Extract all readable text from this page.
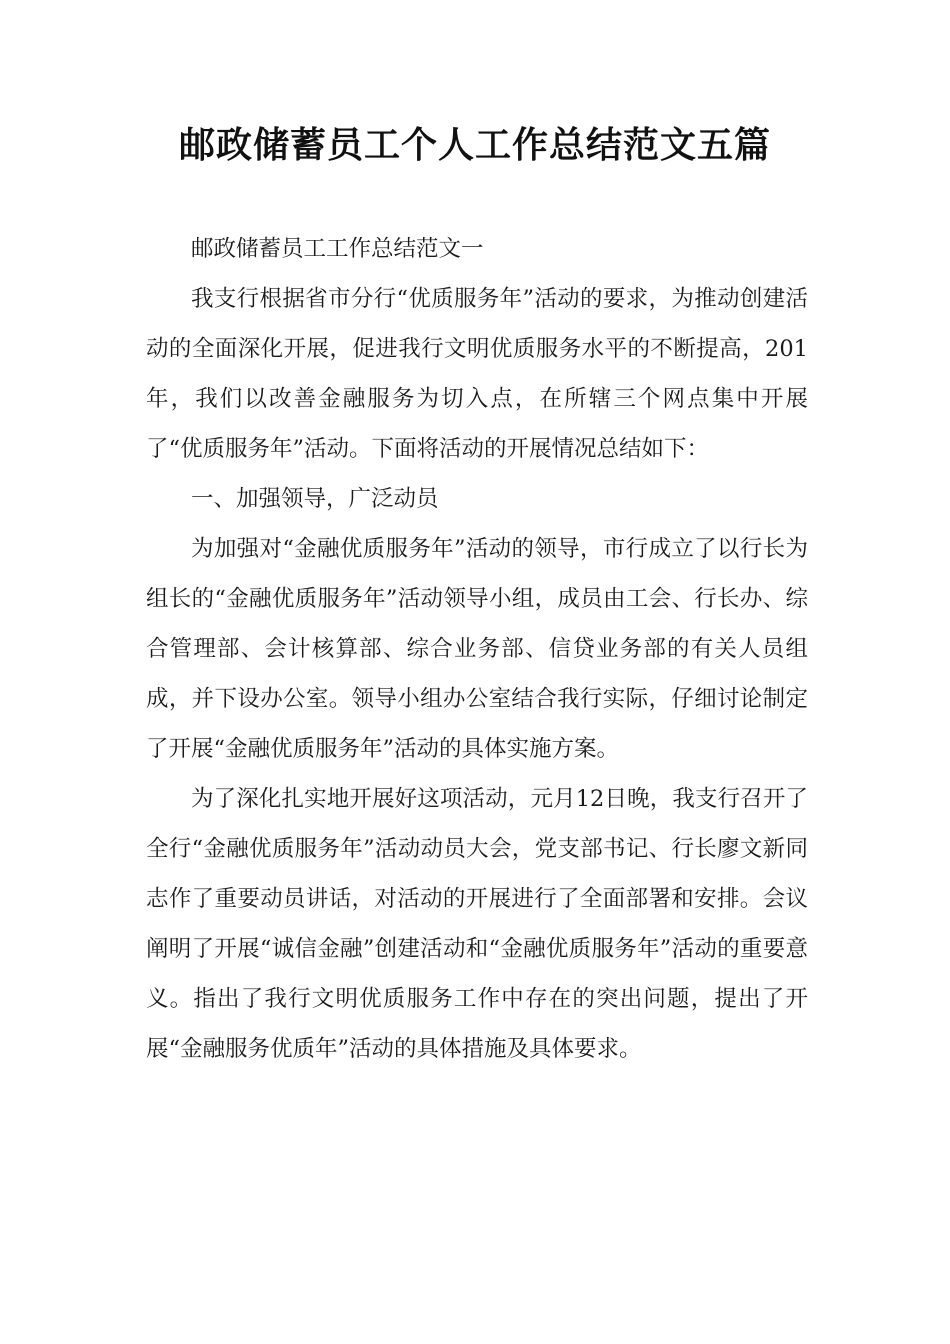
邮政储蓄员工个人工作总结范文五篇

邮政储蓄员工工作总结范文一

我支行根据省市分行“优质服务年”活动的要求，为推动创建活动的全面深化开展，促进我行文明优质服务水平的不断提高，201年，我们以改善金融服务为切入点，在所辖三个网点集中开展了“优质服务年”活动。下面将活动的开展情况总结如下：

一、加强领导，广泛动员

为加强对“金融优质服务年”活动的领导，市行成立了以行长为组长的“金融优质服务年”活动领导小组，成员由工会、行长办、综合管理部、会计核算部、综合业务部、信贷业务部的有关人员组成，并下设办公室。领导小组办公室结合我行实际，仔细讨论制定了开展“金融优质服务年”活动的具体实施方案。

为了深化扎实地开展好这项活动，元月12日晚，我支行召开了全行“金融优质服务年”活动动员大会，党支部书记、行长廖文新同志作了重要动员讲话，对活动的开展进行了全面部署和安排。会议阐明了开展“诚信金融”创建活动和“金融优质服务年”活动的重要意义。指出了我行文明优质服务工作中存在的突出问题，提出了开展“金融服务优质年”活动的具体措施及具体要求。
